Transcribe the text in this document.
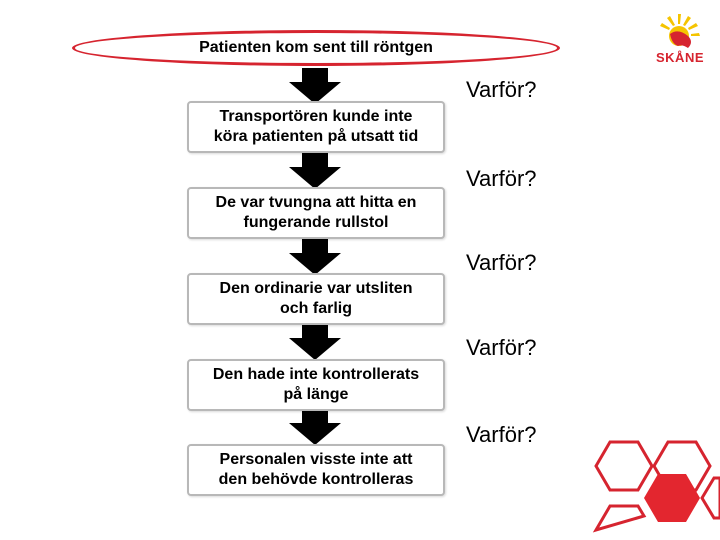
Patienten kom sent till röntgen
Varför?
Varför?
Varför?
Varför?
Varför?
Transportören kunde inte
köra patienten på utsatt tid
De var tvungna att hitta en
fungerande rullstol
Den ordinarie var utsliten
och farlig
Den hade inte kontrollerats
på länge
Personalen visste inte att
den behövde kontrolleras
SKÅNE
